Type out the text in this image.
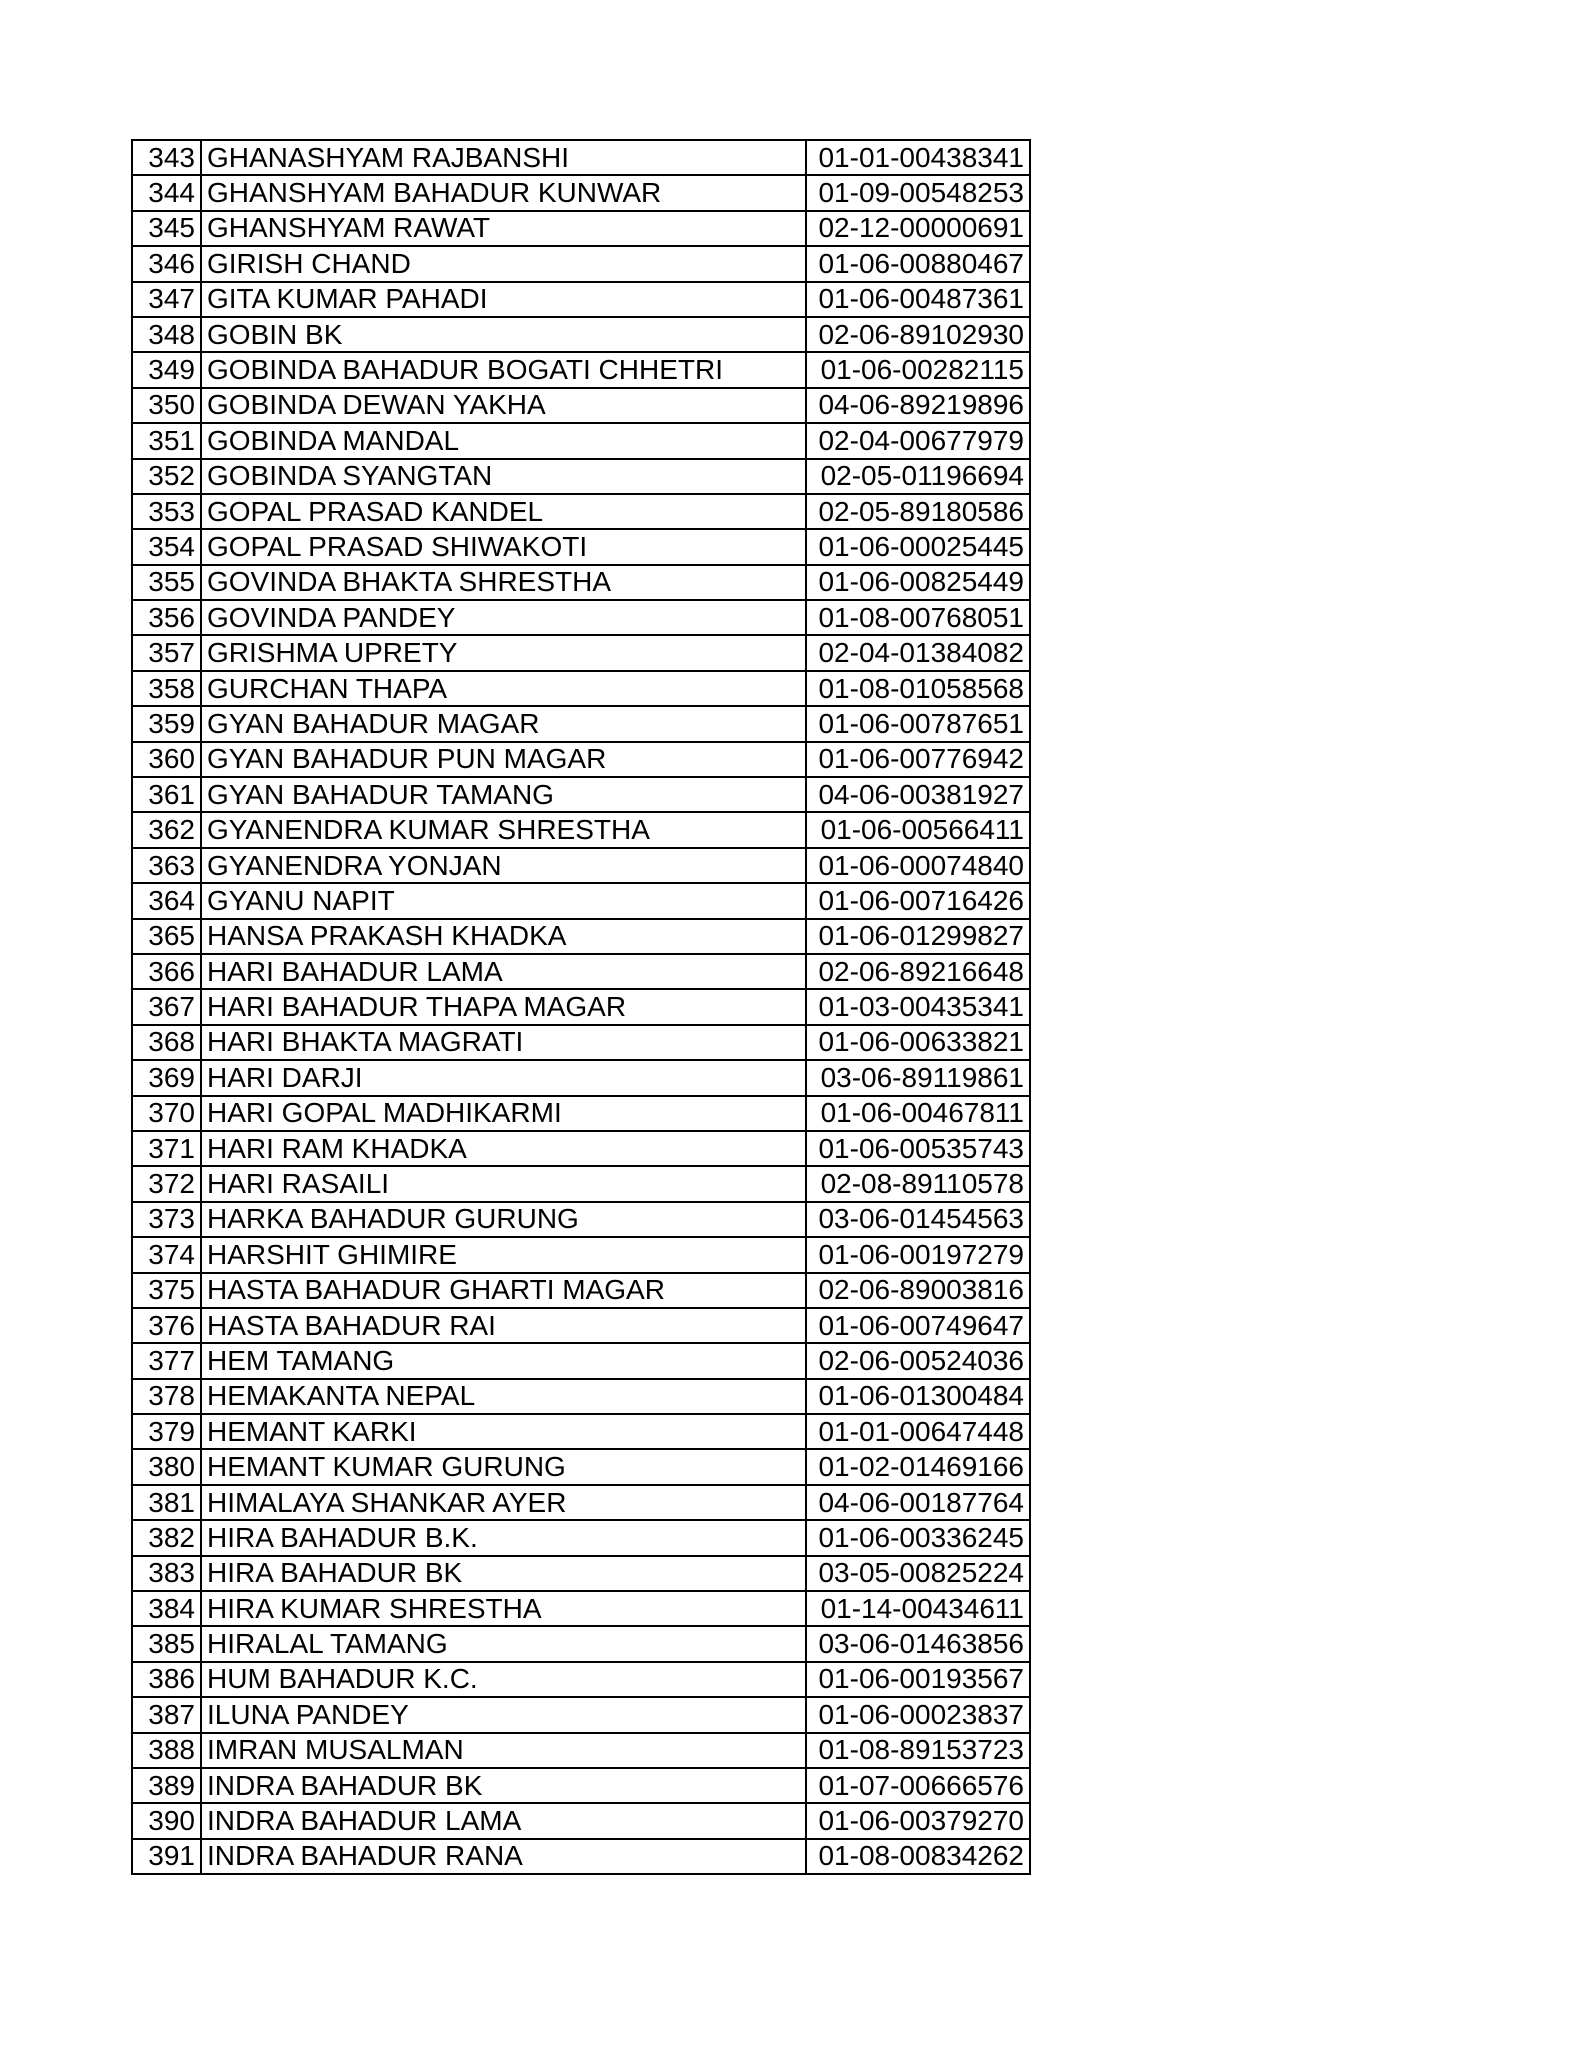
343	GHANASHYAM RAJBANSHI	01-01-00438341
344	GHANSHYAM BAHADUR KUNWAR	01-09-00548253
345	GHANSHYAM RAWAT	02-12-00000691
346	GIRISH CHAND	01-06-00880467
347	GITA KUMAR PAHADI	01-06-00487361
348	GOBIN BK	02-06-89102930
349	GOBINDA BAHADUR BOGATI CHHETRI	01-06-00282115
350	GOBINDA DEWAN YAKHA	04-06-89219896
351	GOBINDA MANDAL	02-04-00677979
352	GOBINDA SYANGTAN	02-05-01196694
353	GOPAL PRASAD KANDEL	02-05-89180586
354	GOPAL PRASAD SHIWAKOTI	01-06-00025445
355	GOVINDA BHAKTA SHRESTHA	01-06-00825449
356	GOVINDA PANDEY	01-08-00768051
357	GRISHMA UPRETY	02-04-01384082
358	GURCHAN THAPA	01-08-01058568
359	GYAN BAHADUR MAGAR	01-06-00787651
360	GYAN BAHADUR PUN MAGAR	01-06-00776942
361	GYAN BAHADUR TAMANG	04-06-00381927
362	GYANENDRA KUMAR SHRESTHA	01-06-00566411
363	GYANENDRA YONJAN	01-06-00074840
364	GYANU NAPIT	01-06-00716426
365	HANSA PRAKASH KHADKA	01-06-01299827
366	HARI BAHADUR LAMA	02-06-89216648
367	HARI BAHADUR THAPA MAGAR	01-03-00435341
368	HARI BHAKTA MAGRATI	01-06-00633821
369	HARI DARJI	03-06-89119861
370	HARI GOPAL MADHIKARMI	01-06-00467811
371	HARI RAM KHADKA	01-06-00535743
372	HARI RASAILI	02-08-89110578
373	HARKA BAHADUR GURUNG	03-06-01454563
374	HARSHIT GHIMIRE	01-06-00197279
375	HASTA BAHADUR GHARTI MAGAR	02-06-89003816
376	HASTA BAHADUR RAI	01-06-00749647
377	HEM TAMANG	02-06-00524036
378	HEMAKANTA NEPAL	01-06-01300484
379	HEMANT KARKI	01-01-00647448
380	HEMANT KUMAR GURUNG	01-02-01469166
381	HIMALAYA SHANKAR AYER	04-06-00187764
382	HIRA BAHADUR B.K.	01-06-00336245
383	HIRA BAHADUR BK	03-05-00825224
384	HIRA KUMAR SHRESTHA	01-14-00434611
385	HIRALAL TAMANG	03-06-01463856
386	HUM BAHADUR K.C.	01-06-00193567
387	ILUNA PANDEY	01-06-00023837
388	IMRAN MUSALMAN	01-08-89153723
389	INDRA BAHADUR BK	01-07-00666576
390	INDRA BAHADUR LAMA	01-06-00379270
391	INDRA BAHADUR RANA	01-08-00834262
